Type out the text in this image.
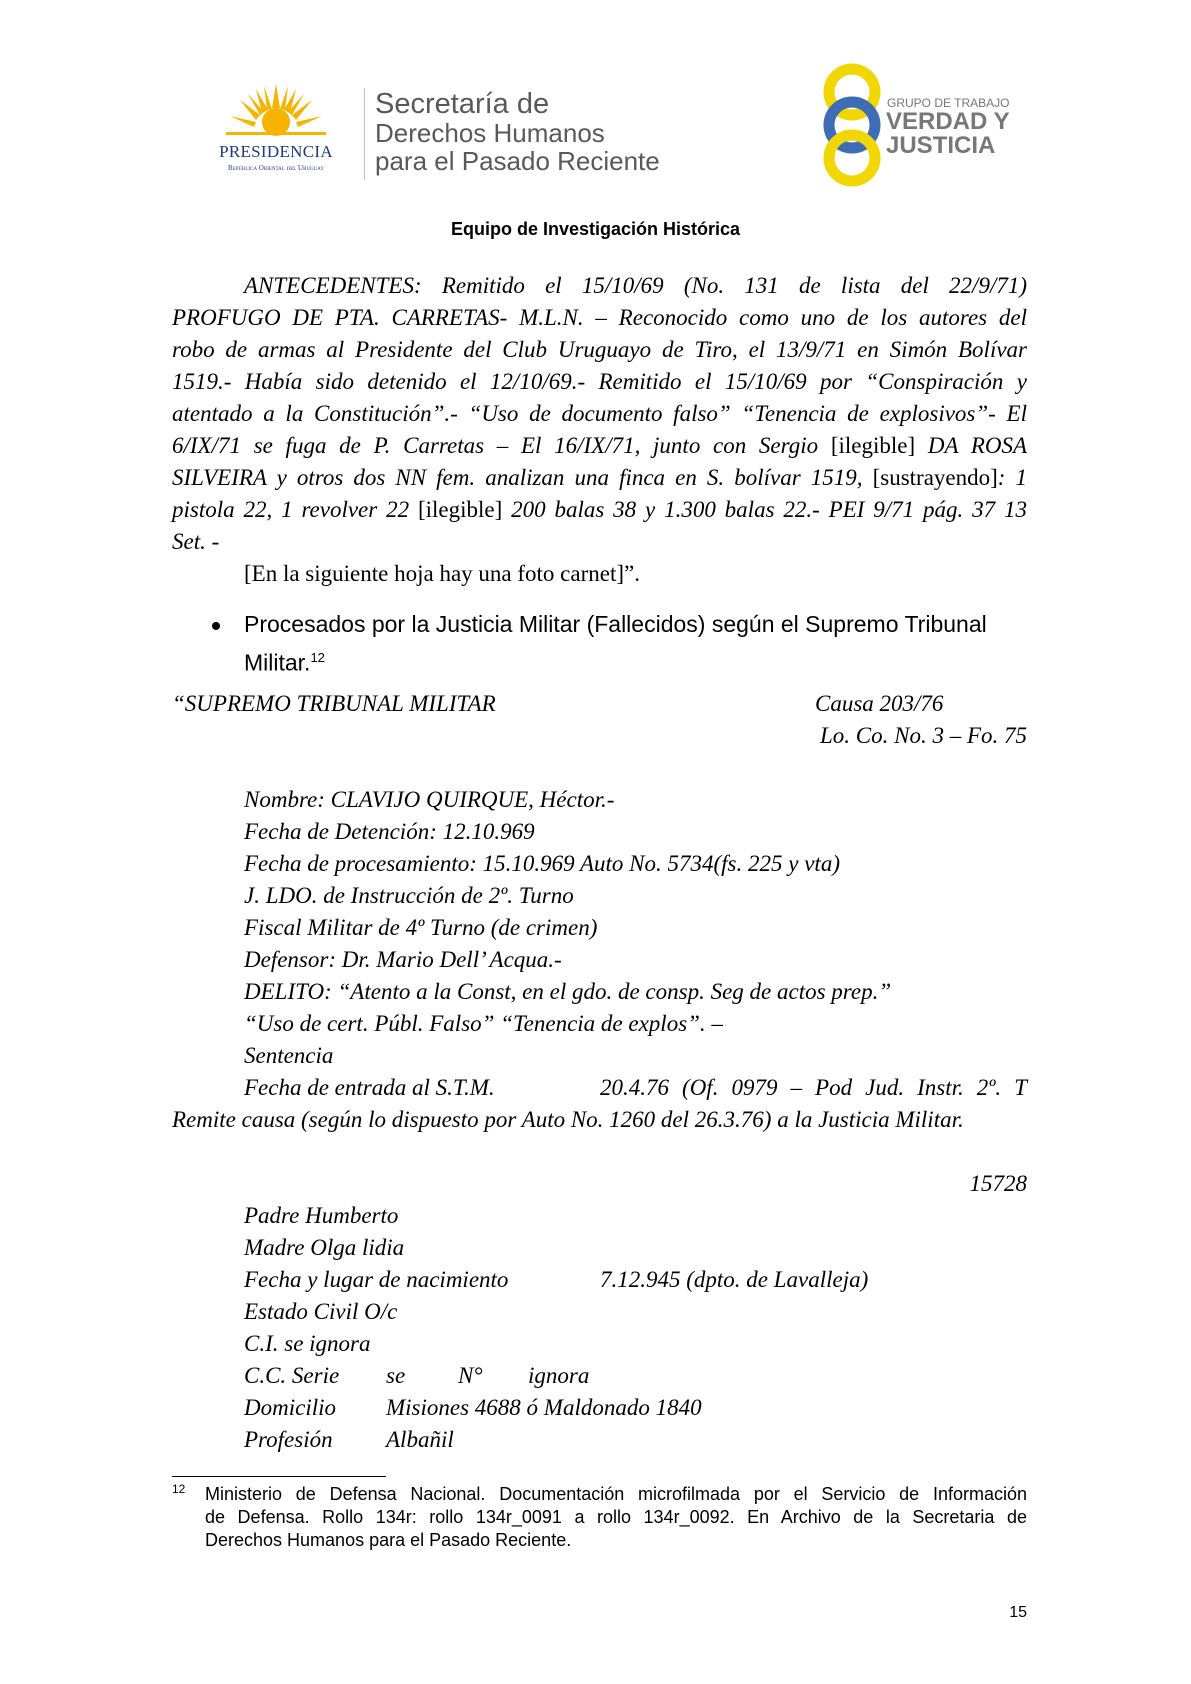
PRESIDENCIA
República Oriental del Uruguay
Secretaría de
Derechos Humanos
para el Pasado Reciente
GRUPO DE TRABAJO
VERDAD Y
JUSTICIA
Equipo de Investigación Histórica
ANTECEDENTES: Remitido el 15/10/69 (No. 131 de lista del 22/9/71)
PROFUGO DE PTA. CARRETAS- M.L.N. – Reconocido como uno de los autores del
robo de armas al Presidente del Club Uruguayo de Tiro, el 13/9/71 en Simón Bolívar
1519.- Había sido detenido el 12/10/69.- Remitido el 15/10/69 por “Conspiración y
atentado a la Constitución”.- “Uso de documento falso” “Tenencia de explosivos”- El
6/IX/71 se fuga de P. Carretas – El 16/IX/71, junto con Sergio [ilegible] DA ROSA
SILVEIRA y otros dos NN fem. analizan una finca en S. bolívar 1519, [sustrayendo]: 1
pistola 22, 1 revolver 22 [ilegible] 200 balas 38 y 1.300 balas 22.- PEI 9/71 pág. 37 13
Set. -
[En la siguiente hoja hay una foto carnet]”.
Procesados por la Justicia Militar (Fallecidos) según el Supremo Tribunal
Militar.$^{12}$
“SUPREMO TRIBUNAL MILITAR	Causa 203/76
Lo. Co. No. 3 – Fo. 75
Nombre: CLAVIJO QUIRQUE, Héctor.-
Fecha de Detención: 12.10.969
Fecha de procesamiento: 15.10.969 Auto No. 5734(fs. 225 y vta)
J. LDO. de Instrucción de 2º. Turno
Fiscal Militar de 4º Turno (de crimen)
Defensor: Dr. Mario Dell’ Acqua.-
DELITO: “Atento a la Const, en el gdo. de consp. Seg de actos prep.”
“Uso de cert. Públ. Falso” “Tenencia de explos”. –
Sentencia
Fecha de entrada al S.T.M.	20.4.76 (Of. 0979 – Pod Jud. Instr. 2º. T
Remite causa (según lo dispuesto por Auto No. 1260 del 26.3.76) a la Justicia Militar.
15728
Padre Humberto
Madre Olga lidia
Fecha y lugar de nacimiento	7.12.945 (dpto. de Lavalleja)
Estado Civil O/c
C.I. se ignora
C.C. Serie se N° ignora
Domicilio Misiones 4688 ó Maldonado 1840
Profesión Albañil
12 Ministerio de Defensa Nacional. Documentación microfilmada por el Servicio de Información
de Defensa. Rollo 134r: rollo 134r_0091 a rollo 134r_0092. En Archivo de la Secretaria de
Derechos Humanos para el Pasado Reciente.
15
